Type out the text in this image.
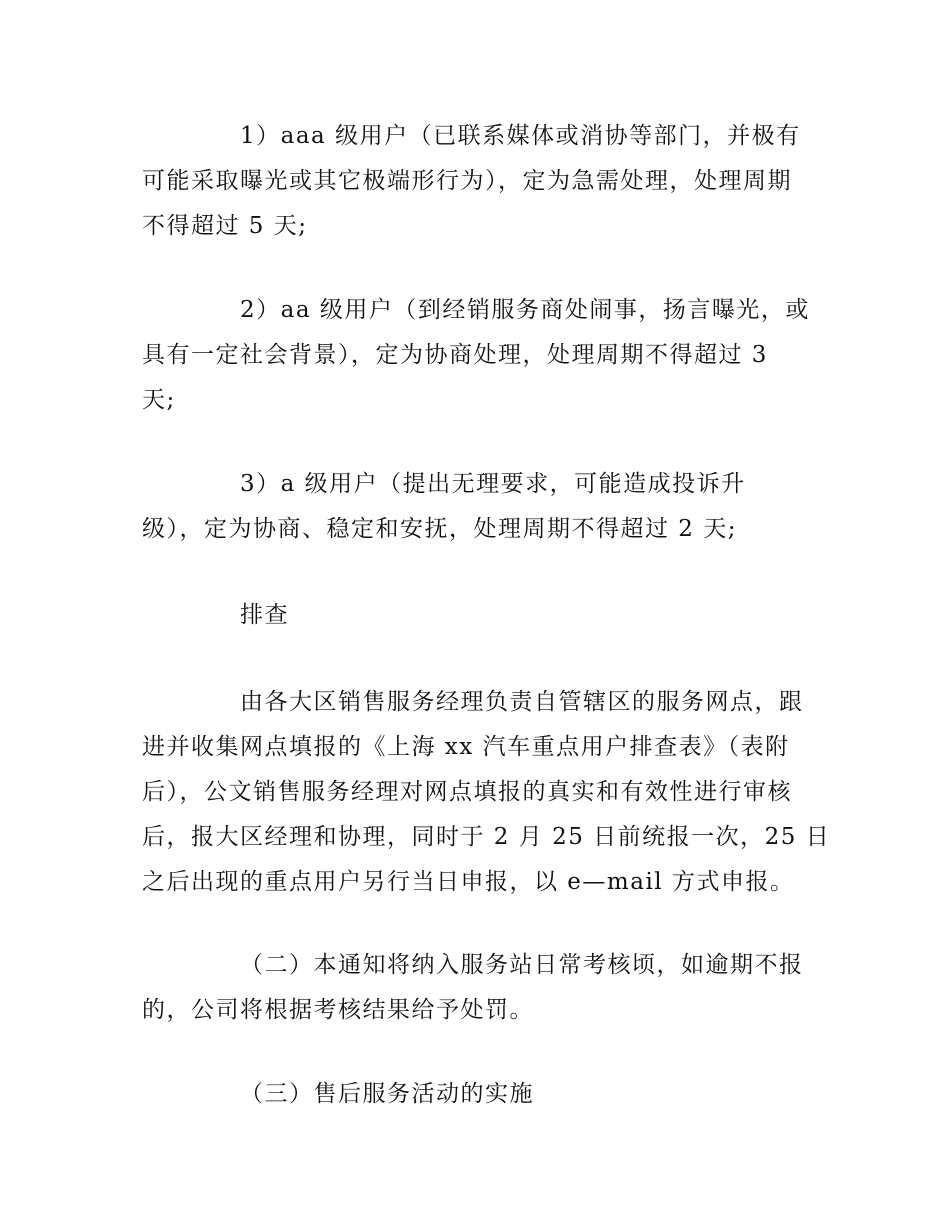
1）aaa 级用户（已联系媒体或消协等部门，并极有
可能采取曝光或其它极端形行为），定为急需处理，处理周期
不得超过 5 天;
2）aa 级用户（到经销服务商处闹事，扬言曝光，或
具有一定社会背景），定为协商处理，处理周期不得超过 3
天;
3）a 级用户（提出无理要求，可能造成投诉升
级），定为协商、稳定和安抚，处理周期不得超过 2 天;
排查
由各大区销售服务经理负责自管辖区的服务网点，跟
进并收集网点填报的《上海 xx 汽车重点用户排查表》（表附
后），公文销售服务经理对网点填报的真实和有效性进行审核
后，报大区经理和协理，同时于 2 月 25 日前统报一次，25 日
之后出现的重点用户另行当日申报，以 e—mail 方式申报。
（二）本通知将纳入服务站日常考核顷，如逾期不报
的，公司将根据考核结果给予处罚。
（三）售后服务活动的实施
